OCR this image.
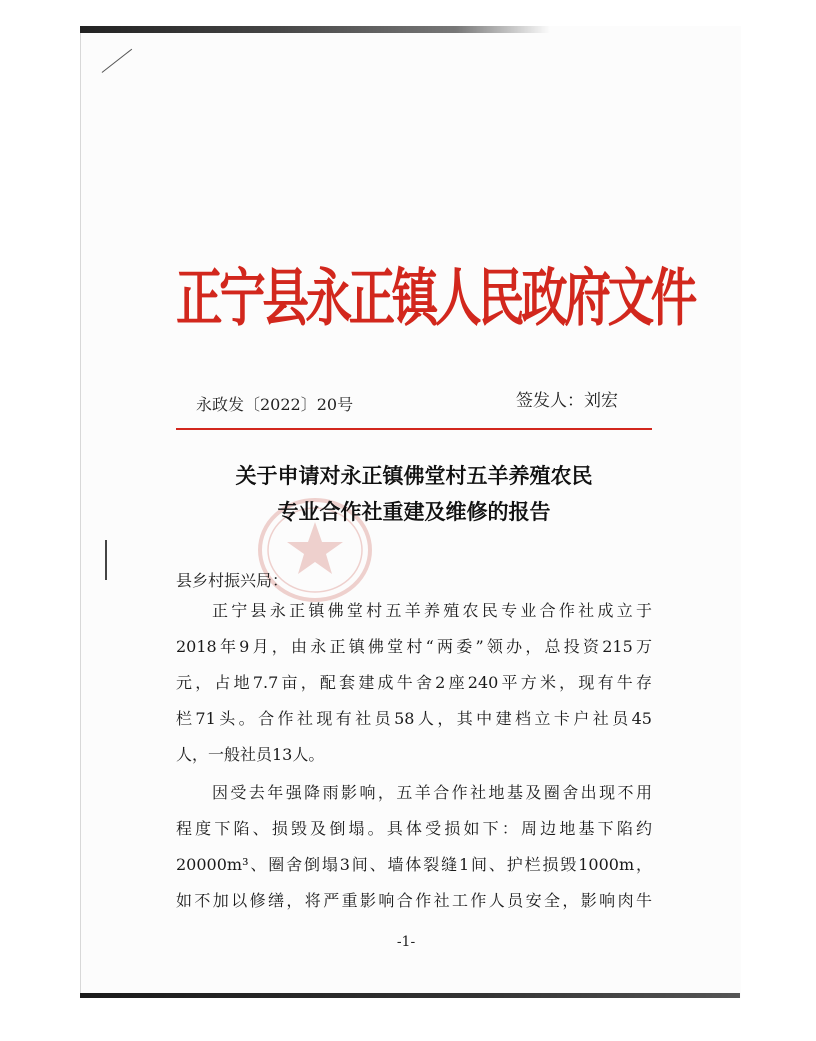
正宁县永正镇人民政府文件
永政发〔2022〕20号	签发人：刘宏
关于申请对永正镇佛堂村五羊养殖农民
专业合作社重建及维修的报告
县乡村振兴局：
正宁县永正镇佛堂村五羊养殖农民专业合作社成立于
2018年9月，由永正镇佛堂村“两委”领办，总投资215万
元，占地7.7亩，配套建成牛舍2座240平方米，现有牛存
栏71头。合作社现有社员58人，其中建档立卡户社员45
人，一般社员13人。
因受去年强降雨影响，五羊合作社地基及圈舍出现不用
程度下陷、损毁及倒塌。具体受损如下：周边地基下陷约
20000m³、圈舍倒塌3间、墙体裂缝1间、护栏损毁1000m，
如不加以修缮，将严重影响合作社工作人员安全，影响肉牛
-1-
